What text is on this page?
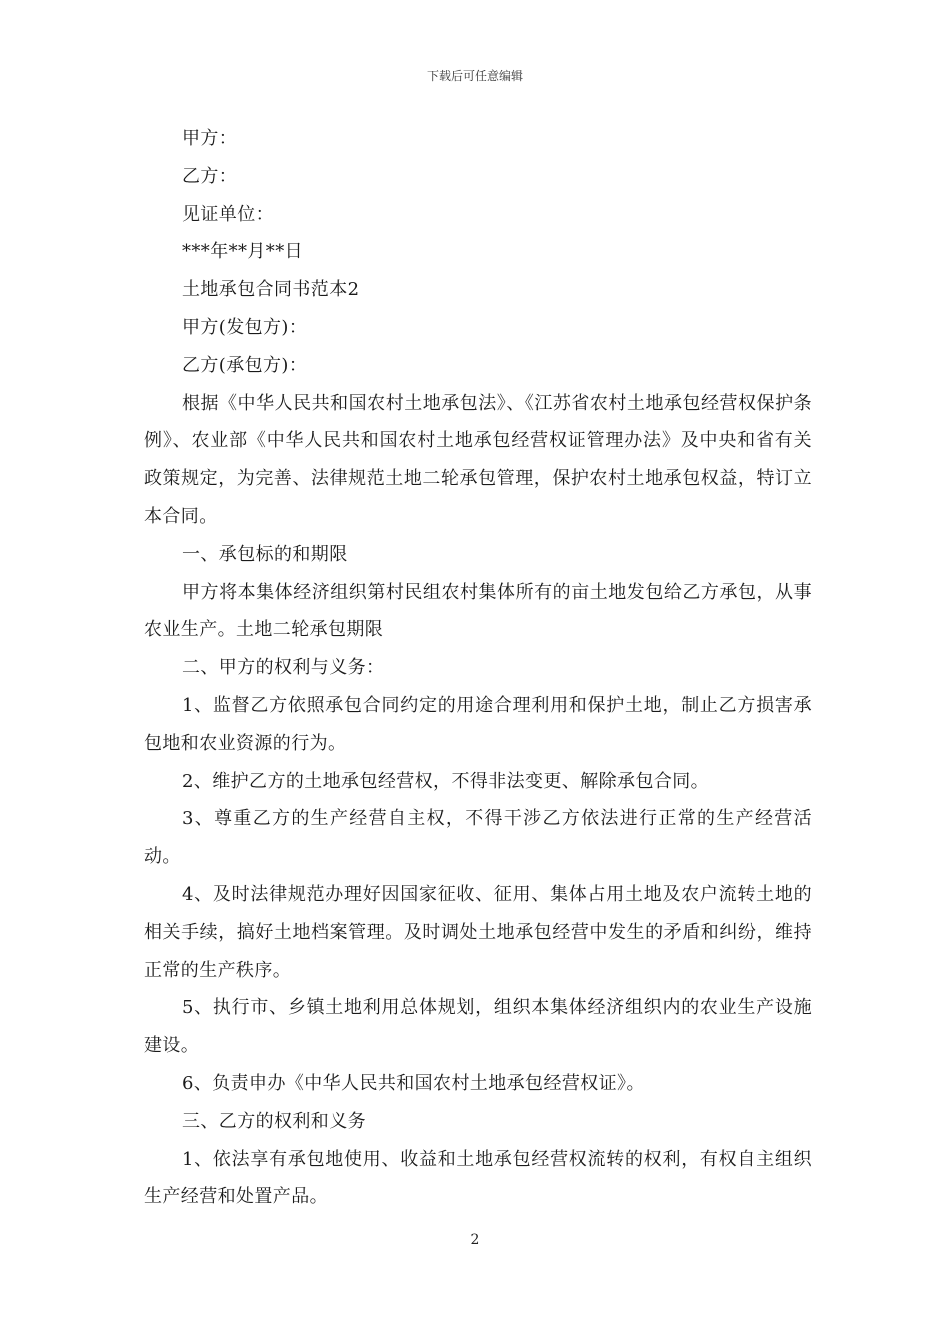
下载后可任意编辑

甲方：

乙方：

见证单位：

***年**月**日

土地承包合同书范本2

甲方(发包方)：

乙方(承包方)：

根据《中华人民共和国农村土地承包法》、《江苏省农村土地承包经营权保护条例》、农业部《中华人民共和国农村土地承包经营权证管理办法》及中央和省有关政策规定，为完善、法律规范土地二轮承包管理，保护农村土地承包权益，特订立本合同。

一、承包标的和期限

甲方将本集体经济组织第村民组农村集体所有的亩土地发包给乙方承包，从事农业生产。土地二轮承包期限

二、甲方的权利与义务：

1、监督乙方依照承包合同约定的用途合理利用和保护土地，制止乙方损害承包地和农业资源的行为。

2、维护乙方的土地承包经营权，不得非法变更、解除承包合同。

3、尊重乙方的生产经营自主权，不得干涉乙方依法进行正常的生产经营活动。

4、及时法律规范办理好因国家征收、征用、集体占用土地及农户流转土地的相关手续，搞好土地档案管理。及时调处土地承包经营中发生的矛盾和纠纷，维持正常的生产秩序。

5、执行市、乡镇土地利用总体规划，组织本集体经济组织内的农业生产设施建设。

6、负责申办《中华人民共和国农村土地承包经营权证》。

三、乙方的权利和义务

1、依法享有承包地使用、收益和土地承包经营权流转的权利，有权自主组织生产经营和处置产品。

2
